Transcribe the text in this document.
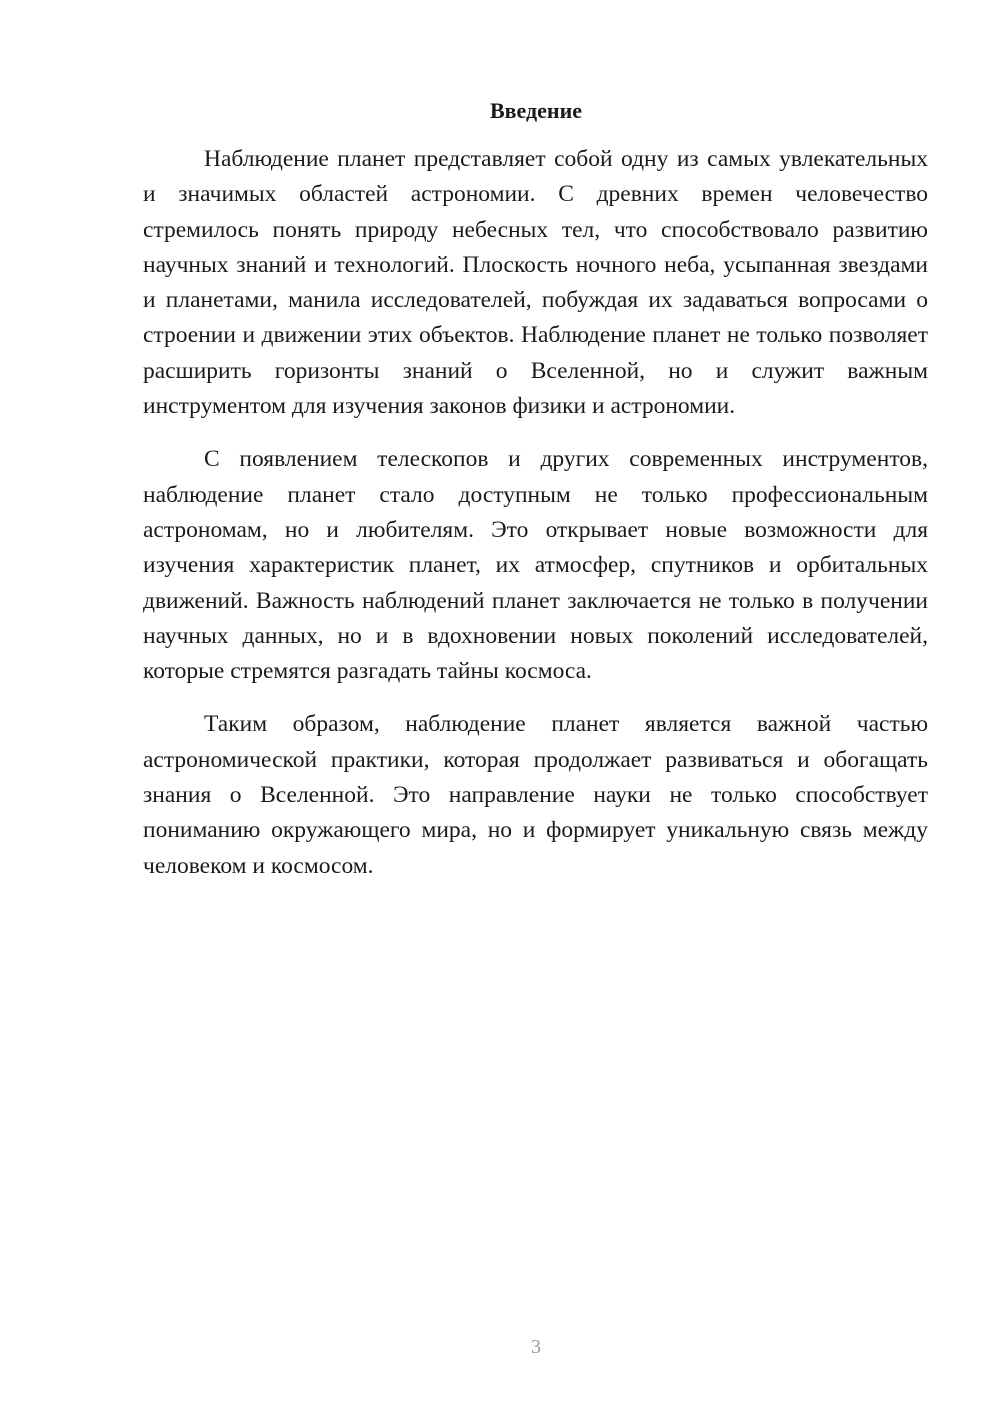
Введение

Наблюдение планет представляет собой одну из самых увлекательных и значимых областей астрономии. С древних времен человечество стремилось понять природу небесных тел, что способствовало развитию научных знаний и технологий. Плоскость ночного неба, усыпанная звездами и планетами, манила исследователей, побуждая их задаваться вопросами о строении и движении этих объектов. Наблюдение планет не только позволяет расширить горизонты знаний о Вселенной, но и служит важным инструментом для изучения законов физики и астрономии.

С появлением телескопов и других современных инструментов, наблюдение планет стало доступным не только профессиональным астрономам, но и любителям. Это открывает новые возможности для изучения характеристик планет, их атмосфер, спутников и орбитальных движений. Важность наблюдений планет заключается не только в получении научных данных, но и в вдохновении новых поколений исследователей, которые стремятся разгадать тайны космоса.

Таким образом, наблюдение планет является важной частью астрономической практики, которая продолжает развиваться и обогащать знания о Вселенной. Это направление науки не только способствует пониманию окружающего мира, но и формирует уникальную связь между человеком и космосом.

3
